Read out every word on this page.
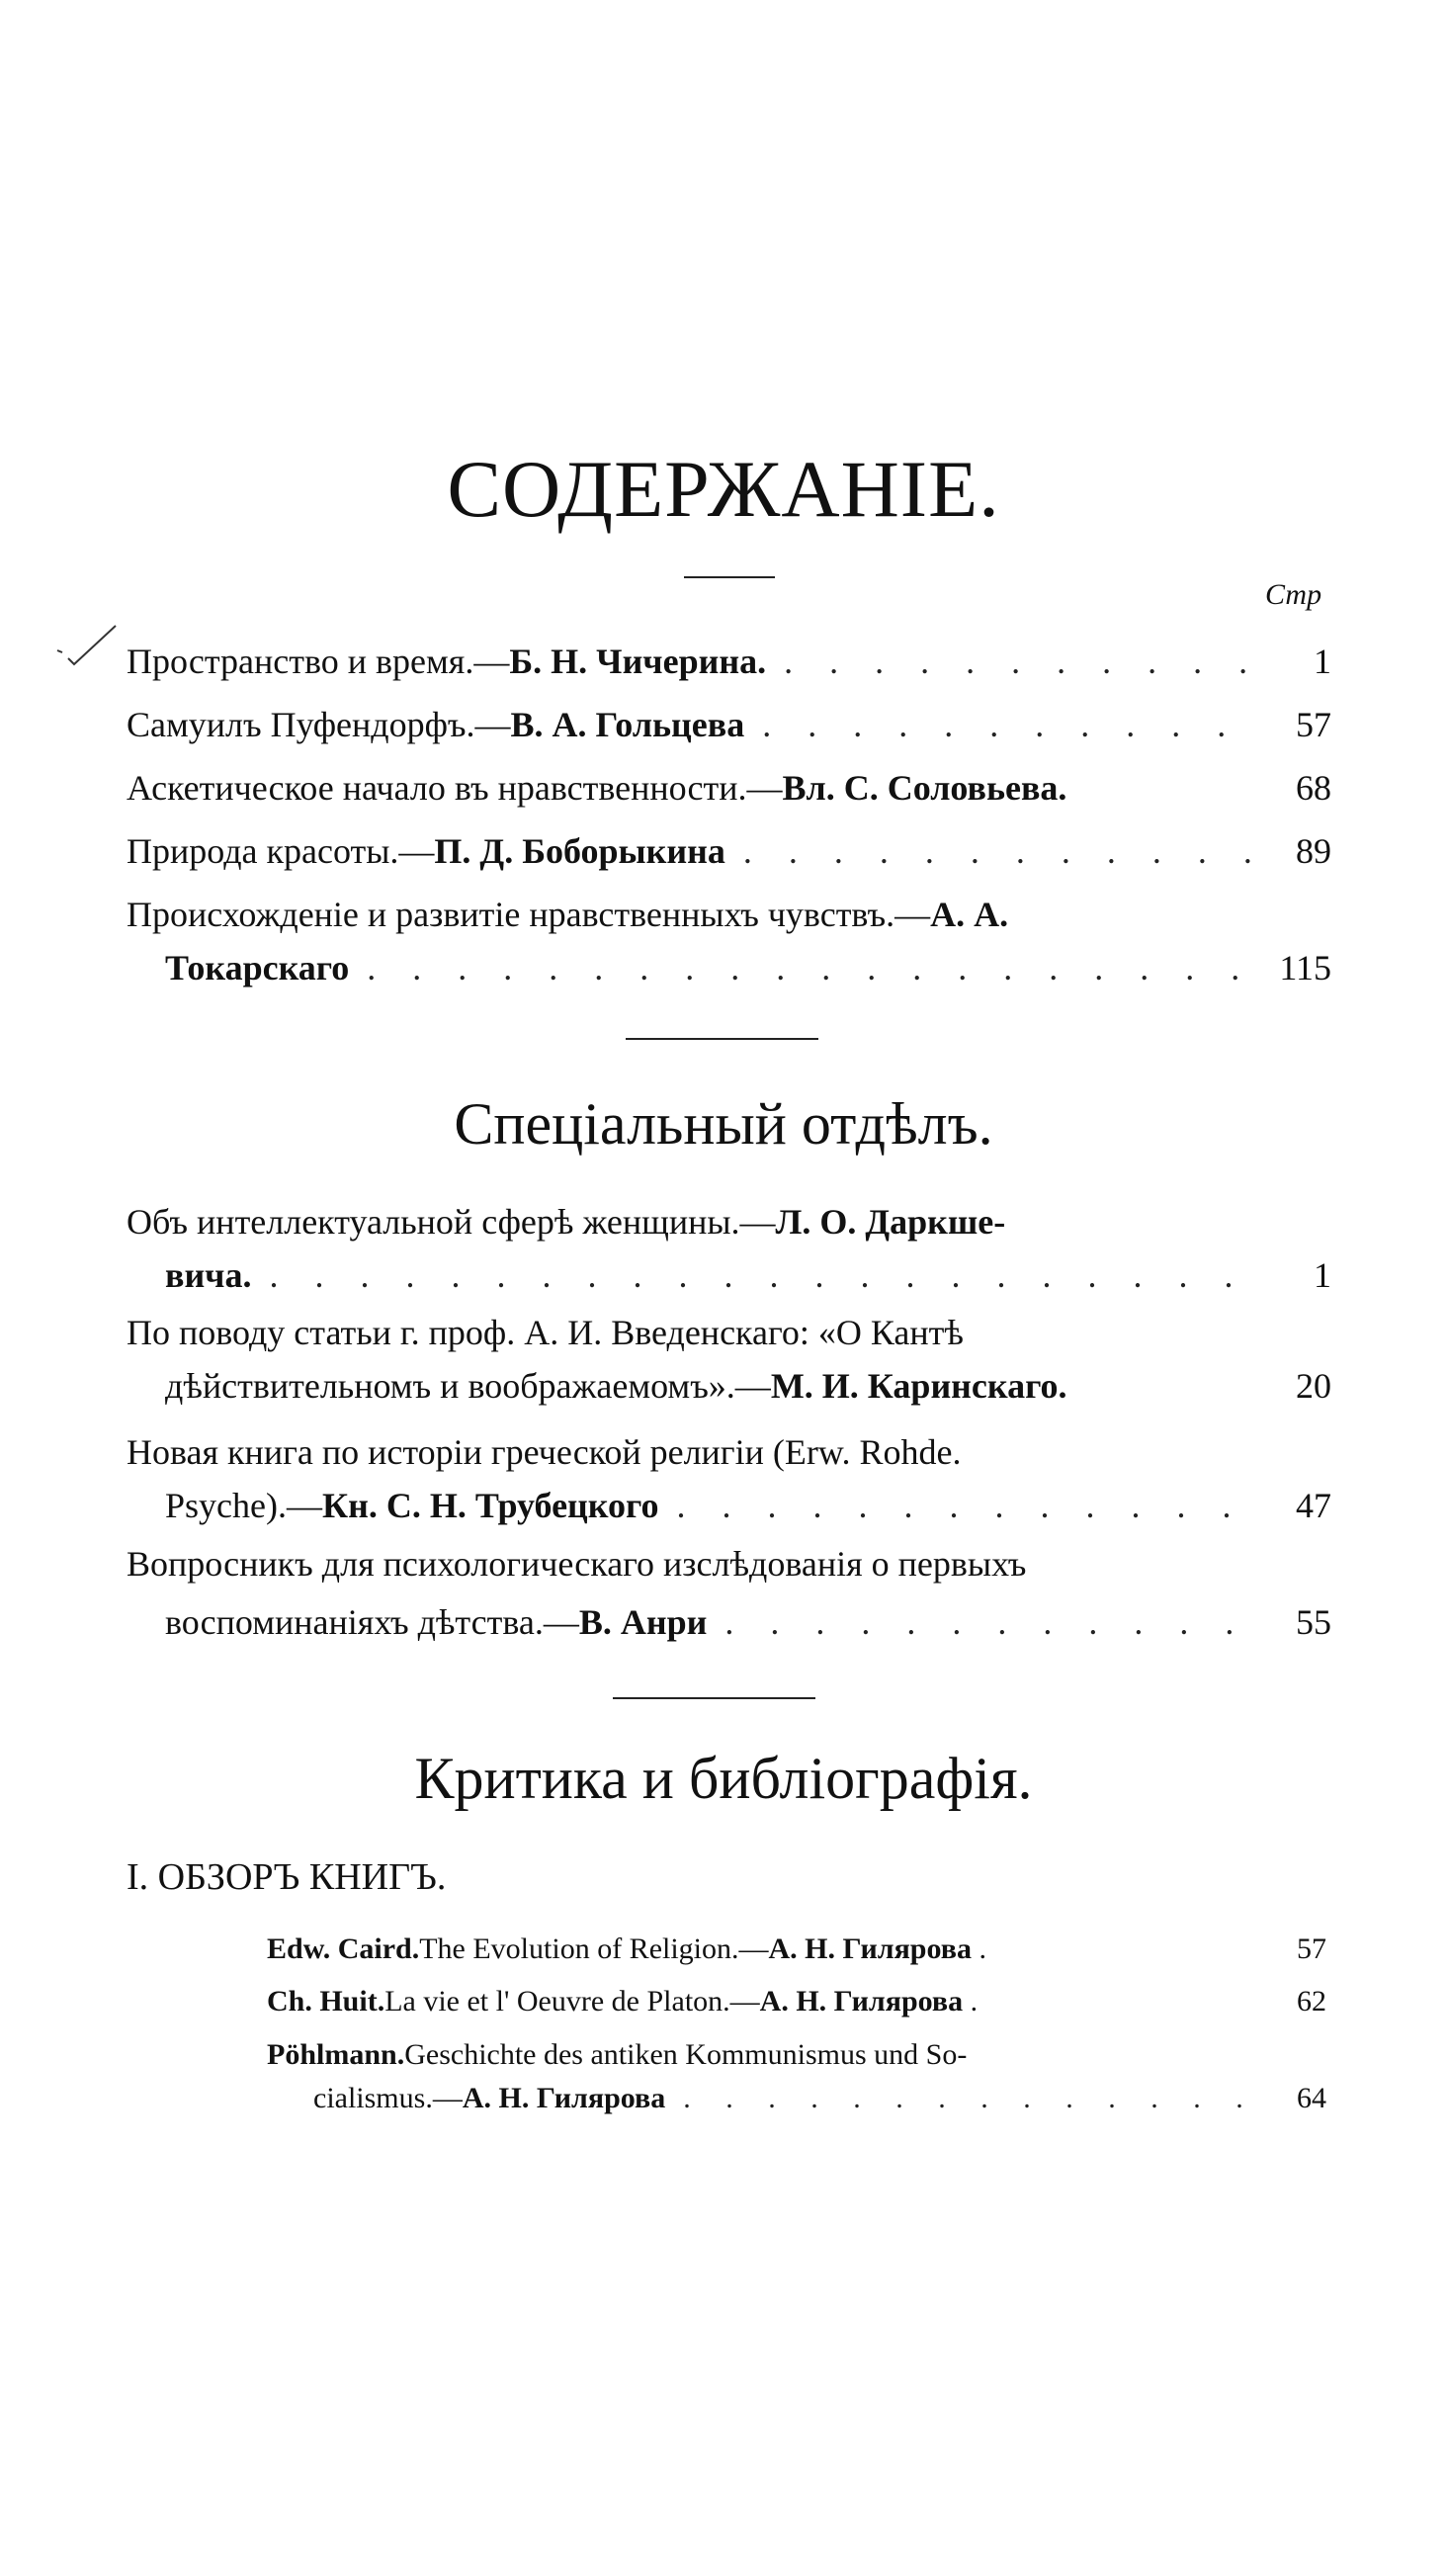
СОДЕРЖАНІЕ.
Стр
Пространство и время.— Б. Н. Чичерина. . . .	1
Самуилъ Пуфендорфъ.— В. А. Гольцева . . .	57
Аскетическое начало въ нравственности.— Вл. С. Соловьева.	68
Природа красоты.— П. Д. Боборыкина . . .	89
Происхожденіе и развитіе нравственныхъ чувствъ.— А. А.
Токарскаго . . .	115
Спеціальный отдѣлъ.
Объ интеллектуальной сферѣ женщины.— Л. О. Даркше-
вича. . . .	1
По поводу статьи г. проф. А. И. Введенскаго: «О Кантѣ
дѣйствительномъ и воображаемомъ».— М. И. Каринскаго.	20
Новая книга по исторіи греческой религіи (Erw. Rohde.
Psyche).— Кн. С. Н. Трубецкого . . .	47
Вопросникъ для психологическаго изслѣдованія о первыхъ
воспоминаніяхъ дѣтства.— В. Анри . . .	55
Критика и библіографія.
I. ОБЗОРЪ КНИГЪ.
Edw. Caird. The Evolution of Religion.— А. Н. Гилярова .	57
Ch. Huit. La vie et l' Oeuvre de Platon.— А. Н. Гилярова .	62
Pöhlmann. Geschichte des antiken Kommunismus und So-
cialismus.— А. Н. Гилярова . . .	64
